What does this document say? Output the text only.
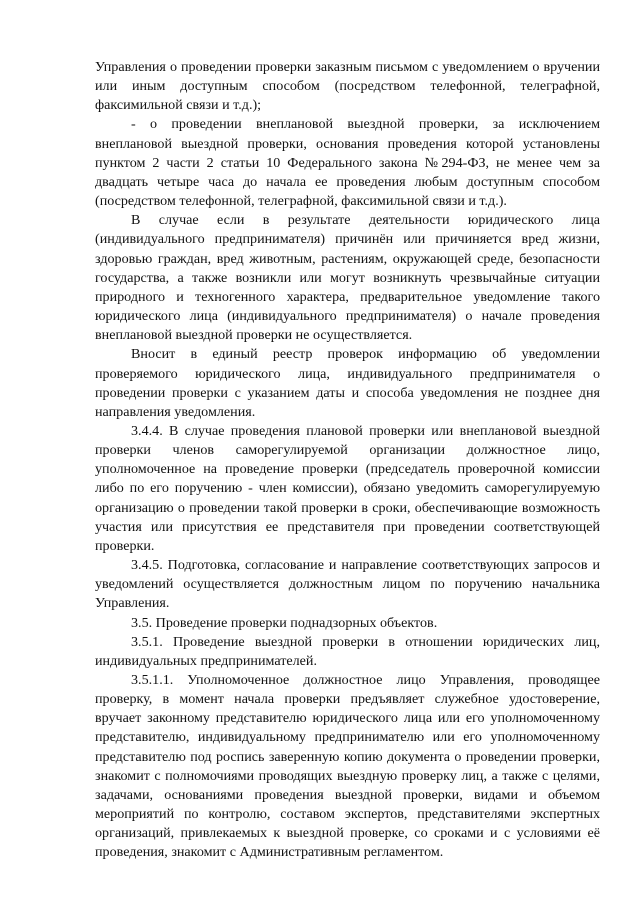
Управления о проведении проверки заказным письмом с уведомлением о вручении или иным доступным способом (посредством телефонной, телеграфной, факсимильной связи и т.д.);

- о проведении внеплановой выездной проверки, за исключением внеплановой выездной проверки, основания проведения которой установлены пунктом 2 части 2 статьи 10 Федерального закона №294-ФЗ, не менее чем за двадцать четыре часа до начала ее проведения любым доступным способом (посредством телефонной, телеграфной, факсимильной связи и т.д.).

В случае если в результате деятельности юридического лица (индивидуального предпринимателя) причинён или причиняется вред жизни, здоровью граждан, вред животным, растениям, окружающей среде, безопасности государства, а также возникли или могут возникнуть чрезвычайные ситуации природного и техногенного характера, предварительное уведомление такого юридического лица (индивидуального предпринимателя) о начале проведения внеплановой выездной проверки не осуществляется.

Вносит в единый реестр проверок информацию об уведомлении проверяемого юридического лица, индивидуального предпринимателя о проведении проверки с указанием даты и способа уведомления не позднее дня направления уведомления.

3.4.4. В случае проведения плановой проверки или внеплановой выездной проверки членов саморегулируемой организации должностное лицо, уполномоченное на проведение проверки (председатель проверочной комиссии либо по его поручению - член комиссии), обязано уведомить саморегулируемую организацию о проведении такой проверки в сроки, обеспечивающие возможность участия или присутствия ее представителя при проведении соответствующей проверки.

3.4.5. Подготовка, согласование и направление соответствующих запросов и уведомлений осуществляется должностным лицом по поручению начальника Управления.

3.5. Проведение проверки поднадзорных объектов.

3.5.1. Проведение выездной проверки в отношении юридических лиц, индивидуальных предпринимателей.

3.5.1.1. Уполномоченное должностное лицо Управления, проводящее проверку, в момент начала проверки предъявляет служебное удостоверение, вручает законному представителю юридического лица или его уполномоченному представителю, индивидуальному предпринимателю или его уполномоченному представителю под роспись заверенную копию документа о проведении проверки, знакомит с полномочиями проводящих выездную проверку лиц, а также с целями, задачами, основаниями проведения выездной проверки, видами и объемом мероприятий по контролю, составом экспертов, представителями экспертных организаций, привлекаемых к выездной проверке, со сроками и с условиями её проведения, знакомит с Административным регламентом.
